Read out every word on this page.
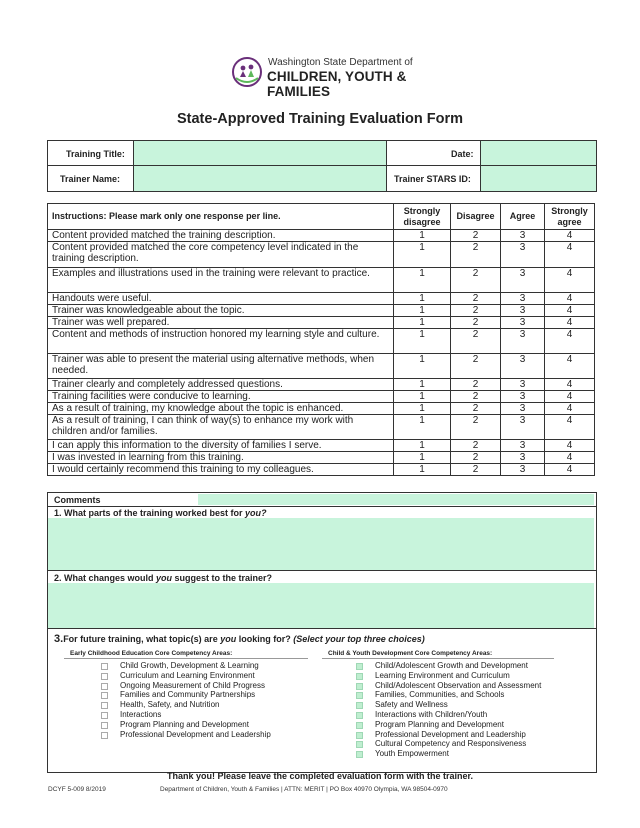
Washington State Department of
CHILDREN, YOUTH & FAMILIES
State-Approved Training Evaluation Form
Training Title:	Date:
Trainer Name:	Trainer STARS ID:
Instructions: Please mark only one response per line.	Strongly disagree	Disagree	Agree	Strongly agree
Content provided matched the training description.	1	2	3	4
Content provided matched the core competency level indicated in the training description.	1	2	3	4
Examples and illustrations used in the training were relevant to practice.	1	2	3	4
Handouts were useful.	1	2	3	4
Trainer was knowledgeable about the topic.	1	2	3	4
Trainer was well prepared.	1	2	3	4
Content and methods of instruction honored my learning style and culture.	1	2	3	4
Trainer was able to present the material using alternative methods, when needed.	1	2	3	4
Trainer clearly and completely addressed questions.	1	2	3	4
Training facilities were conducive to learning.	1	2	3	4
As a result of training, my knowledge about the topic is enhanced.	1	2	3	4
As a result of training, I can think of way(s) to enhance my work with children and/or families.	1	2	3	4
I can apply this information to the diversity of families I serve.	1	2	3	4
I was invested in learning from this training.	1	2	3	4
I would certainly recommend this training to my colleagues.	1	2	3	4
Comments
1. What parts of the training worked best for you?
2. What changes would you suggest to the trainer?
3.For future training, what topic(s) are you looking for? (Select your top three choices)
Early Childhood Education Core Competency Areas:	Child & Youth Development Core Competency Areas:
Child Growth, Development & Learning
Curriculum and Learning Environment
Ongoing Measurement of Child Progress
Families and Community Partnerships
Health, Safety, and Nutrition
Interactions
Program Planning and Development
Professional Development and Leadership
Child/Adolescent Growth and Development
Learning Environment and Curriculum
Child/Adolescent Observation and Assessment
Families, Communities, and Schools
Safety and Wellness
Interactions with Children/Youth
Program Planning and Development
Professional Development and Leadership
Cultural Competency and Responsiveness
Youth Empowerment
Thank you! Please leave the completed evaluation form with the trainer.
DCYF 5-009 8/2019	Department of Children, Youth & Families | ATTN: MERIT | PO Box 40970 Olympia, WA 98504-0970
